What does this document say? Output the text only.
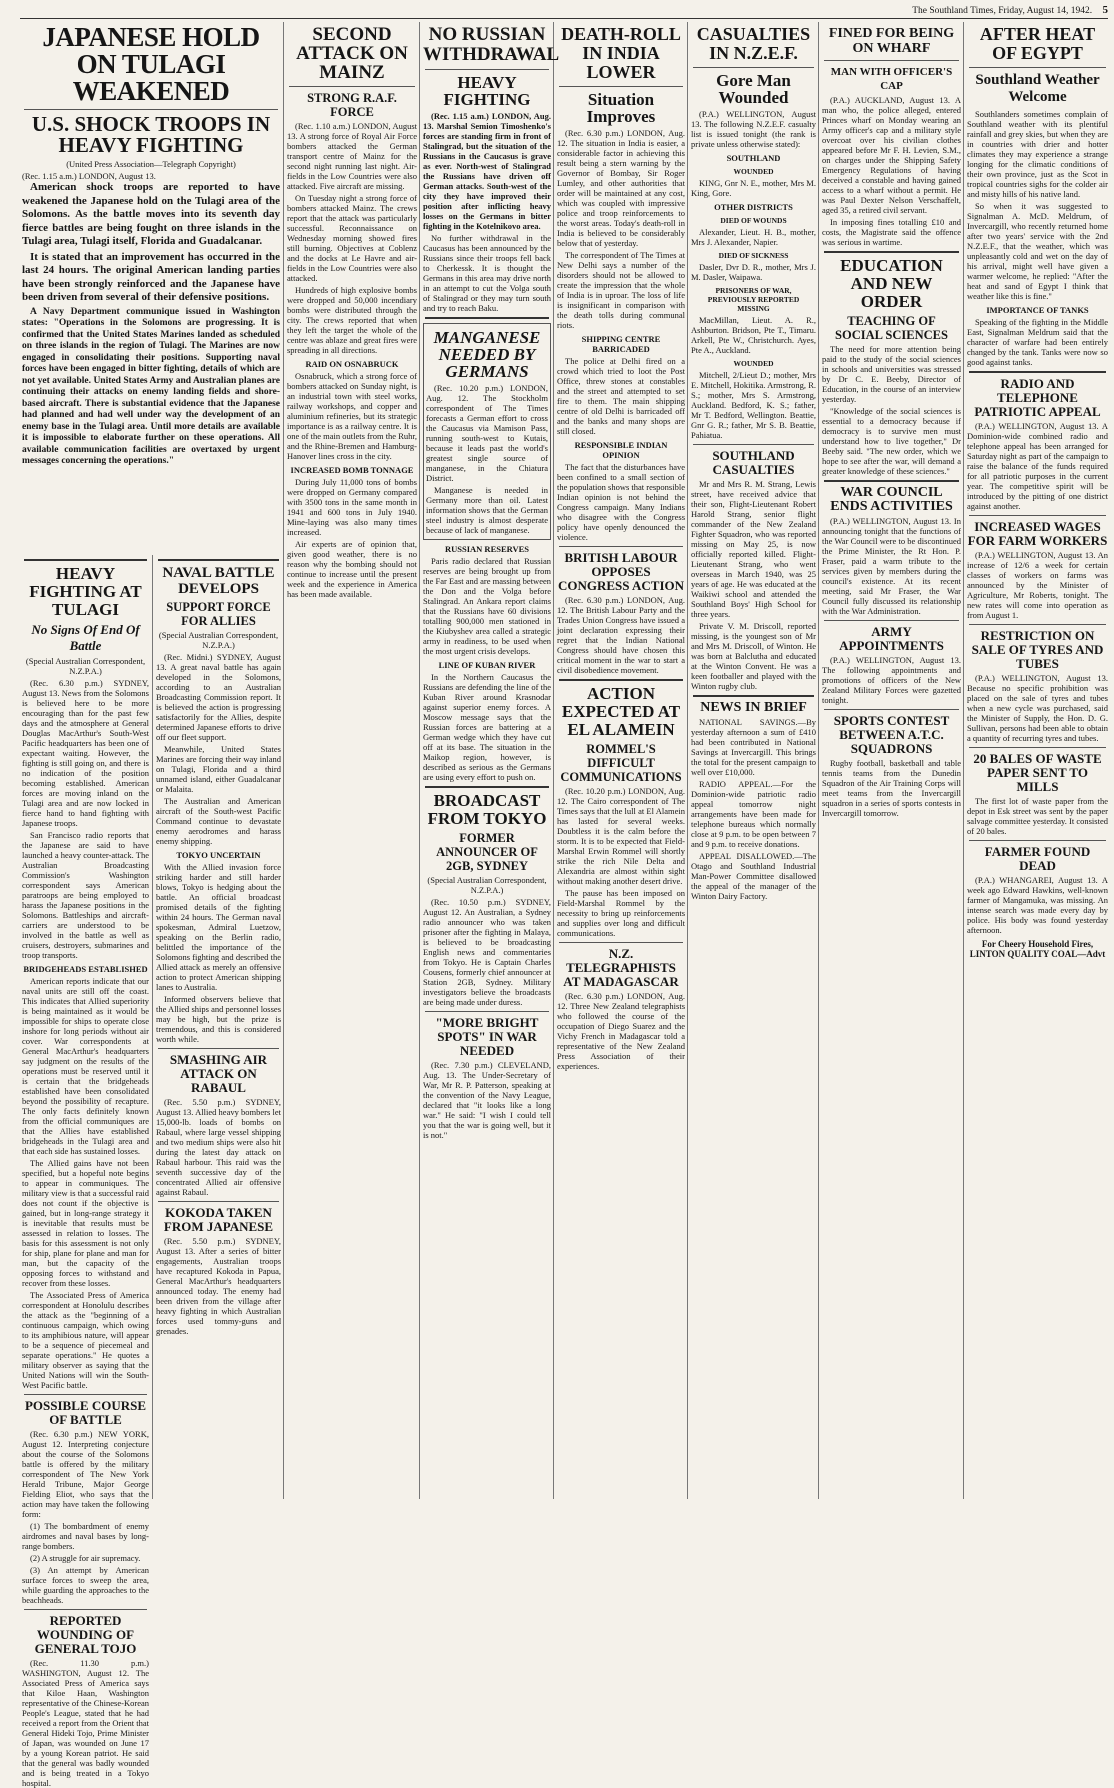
The Southland Times, Friday, August 14, 1942. 5
JAPANESE HOLD ON TULAGI WEAKENED
U.S. SHOCK TROOPS IN HEAVY FIGHTING
(United Press Association—Telegraph Copyright)
(Rec. 1.15 a.m.) LONDON, August 13.

American shock troops are reported to have weakened the Japanese hold on the Tulagi area of the Solomons. As the battle moves into its seventh day fierce battles are being fought on three islands in the Tulagi area, Tulagi itself, Florida and Guadalcanar.

It is stated that an improvement has occurred in the last 24 hours. The original American landing parties have been strongly reinforced and the Japanese have been driven from several of their defensive positions.

A Navy Department communique issued in Washington states: "Operations in the Solomons are progressing. It is confirmed that the United States Marines landed as scheduled on three islands in the region of Tulagi. The Marines are now engaged in consolidating their positions. Supporting naval forces have been engaged in bitter fighting, details of which are not yet available. United States Army and Australian planes are continuing their attacks on enemy landing fields and shore-based aircraft. There is substantial evidence that the Japanese had planned and had well under way the development of an enemy base in the Tulagi area. Until more details are available it is impossible to elaborate further on these operations. All available communication facilities are overtaxed by urgent messages concerning the operations."

HEAVY FIGHTING AT TULAGI
No Signs Of End Of Battle
(Special Australian Correspondent, N.Z.P.A.)

(Rec. 6.30 p.m.) SYDNEY, August 13. News from the Solomons is believed here to be more encouraging than for the past few days and the atmosphere at General Douglas MacArthur's South-West Pacific headquarters has been one of expectant waiting. However, the fighting is still going on, and there is no indication of the position becoming established. American forces are moving inland on the Tulagi area and are now locked in fierce hand to hand fighting with Japanese troops.

San Francisco radio reports that the Japanese are said to have launched a heavy counter-attack. The Australian Broadcasting Commission's Washington correspondent says American paratroops are being employed to harass the Japanese positions in the Solomons. Battleships and aircraft-carriers are understood to be involved in the battle as well as cruisers, destroyers, submarines and troop transports.

BRIDGEHEADS ESTABLISHED

American reports indicate that our naval units are still off the coast. This indicates that Allied superiority is being maintained as it would be impossible for ships to operate close inshore for long periods without air cover. War correspondents at General MacArthur's headquarters say judgment on the results of the operations must be reserved until it is certain that the bridgeheads established have been consolidated beyond the possibility of recapture. The only facts definitely known from the official communiques are that the Allies have established bridgeheads in the Tulagi area and that each side has sustained losses.

The Allied gains have not been specified, but a hopeful note begins to appear in communiques. The military view is that a successful raid does not count if the objective is gained, but in long-range strategy it is inevitable that results must be assessed in relation to losses. The basis for this assessment is not only for ship, plane for plane and man for man, but the capacity of the opposing forces to withstand and recover from these losses.

The Associated Press of America correspondent at Honolulu describes the attack as the "beginning of a continuous campaign, which owing to its amphibious nature, will appear to be a sequence of piecemeal and separate operations." He quotes a military observer as saying that the United Nations will win the South-West Pacific battle.

POSSIBLE COURSE OF BATTLE

(Rec. 6.30 p.m.) NEW YORK, August 12. Interpreting conjecture about the course of the Solomons battle is offered by the military correspondent of The New York Herald Tribune, Major George Fielding Eliot, who says that the action may have taken the following form:

(1) The bombardment of enemy airdromes and naval bases by long-range bombers.

(2) A struggle for air supremacy.

(3) An attempt by American surface forces to sweep the area, while guarding the approaches to the beachheads.

REPORTED WOUNDING OF GENERAL TOJO

(Rec. 11.30 p.m.) WASHINGTON, August 12. The Associated Press of America says that Kiloe Haan, Washington representative of the Chinese-Korean People's League, stated that he had received a report from the Orient that General Hideki Tojo, Prime Minister of Japan, was wounded on June 17 by a young Korean patriot. He said that the general was badly wounded and is being treated in a Tokyo hospital.

NAVAL BATTLE DEVELOPS
SUPPORT FORCE FOR ALLIES
(Special Australian Correspondent, N.Z.P.A.)

(Rec. Midni.) SYDNEY, August 13. A great naval battle has again developed in the Solomons, according to an Australian Broadcasting Commission report. It is believed the action is progressing satisfactorily for the Allies, despite determined Japanese efforts to drive off our fleet support.

Meanwhile, United States Marines are forcing their way inland on Tulagi, Florida and a third unnamed island, either Guadalcanar or Malaita.

The Australian and American aircraft of the South-west Pacific Command continue to devastate enemy aerodromes and harass enemy shipping.

TOKYO UNCERTAIN

With the Allied invasion force striking harder and still harder blows, Tokyo is hedging about the battle. An official broadcast promised details of the fighting within 24 hours. The German naval spokesman, Admiral Luetzow, speaking on the Berlin radio, belittled the importance of the Solomons fighting and described the Allied attack as merely an offensive action to protect American shipping lanes to Australia.

Informed observers believe that the Allied ships and personnel losses may be high, but the prize is tremendous, and this is considered worth while.

SMASHING AIR ATTACK ON RABAUL

(Rec. 5.50 p.m.) SYDNEY, August 13. Allied heavy bombers let 15,000-lb. loads of bombs on Rabaul, where large vessel shipping and two medium ships were also hit during the latest day attack on Rabaul harbour. This raid was the seventh successive day of the concentrated Allied air offensive against Rabaul.

KOKODA TAKEN FROM JAPANESE

(Rec. 5.50 p.m.) SYDNEY, August 13. After a series of bitter engagements, Australian troops have recaptured Kokoda in Papua, General MacArthur's headquarters announced today. The enemy had been driven from the village after heavy fighting in which Australian forces used tommy-guns and grenades.

SECOND ATTACK ON MAINZ
STRONG R.A.F. FORCE

(Rec. 1.10 a.m.) LONDON, August 13. A strong force of Royal Air Force bombers attacked the German transport centre of Mainz for the second night running last night. Air-fields in the Low Countries were also attacked. Five aircraft are missing.

On Tuesday night a strong force of bombers attacked Mainz. The crews report that the attack was particularly successful. Reconnaissance on Wednesday morning showed fires still burning. Objectives at Coblenz and the docks at Le Havre and air-fields in the Low Countries were also attacked.

Hundreds of high explosive bombs were dropped and 50,000 incendiary bombs were distributed through the city. The crews reported that when they left the target the whole of the centre was ablaze and great fires were spreading in all directions.

RAID ON OSNABRUCK

Osnabruck, which a strong force of bombers attacked on Sunday night, is an industrial town with steel works, railway workshops, and copper and aluminium refineries, but its strategic importance is as a railway centre. It is one of the main outlets from the Ruhr, and the Rhine-Bremen and Hamburg-Hanover lines cross in the city.

INCREASED BOMB TONNAGE

During July 11,000 tons of bombs were dropped on Germany compared with 3500 tons in the same month in 1941 and 600 tons in July 1940. Mine-laying was also many times increased.

Air experts are of opinion that, given good weather, there is no reason why the bombing should not continue to increase until the present week and the experience in America has been made available.

NO RUSSIAN WITHDRAWAL
HEAVY FIGHTING

(Rec. 1.15 a.m.) LONDON, Aug. 13. Marshal Semion Timoshenko's forces are standing firm in front of Stalingrad, but the situation of the Russians in the Caucasus is grave as ever. North-west of Stalingrad the Russians have driven off German attacks. South-west of the city they have improved their position after inflicting heavy losses on the Germans in bitter fighting in the Kotelnikovo area.

No further withdrawal in the Caucasus has been announced by the Russians since their troops fell back to Cherkessk. It is thought the Germans in this area may drive north in an attempt to cut the Volga south of Stalingrad or they may turn south and try to reach Baku.

MANGANESE NEEDED BY GERMANS

(Rec. 10.20 p.m.) LONDON, Aug. 12. The Stockholm correspondent of The Times forecasts a German effort to cross the Caucasus via Mamison Pass, running south-west to Kutais, because it leads past the world's greatest single source of manganese, in the Chiatura District.

Manganese is needed in Germany more than oil. Latest information shows that the German steel industry is almost desperate because of lack of manganese.

RUSSIAN RESERVES

Paris radio declared that Russian reserves are being brought up from the Far East and are massing between the Don and the Volga before Stalingrad. An Ankara report claims that the Russians have 60 divisions totalling 900,000 men stationed in the Kiubyshev area called a strategic army in readiness, to be used when the most urgent crisis develops.

LINE OF KUBAN RIVER

In the Northern Caucasus the Russians are defending the line of the Kuban River around Krasnodar against superior enemy forces. A Moscow message says that the Russian forces are battering at a German wedge which they have cut off at its base. The situation in the Maikop region, however, is described as serious as the Germans are using every effort to push on.

BROADCAST FROM TOKYO
FORMER ANNOUNCER OF 2GB, SYDNEY
(Special Australian Correspondent, N.Z.P.A.)

(Rec. 10.50 p.m.) SYDNEY, August 12. An Australian, a Sydney radio announcer who was taken prisoner after the fighting in Malaya, is believed to be broadcasting English news and commentaries from Tokyo. He is Captain Charles Cousens, formerly chief announcer at Station 2GB, Sydney. Military investigators believe the broadcasts are being made under duress.

"MORE BRIGHT SPOTS" IN WAR NEEDED

(Rec. 7.30 p.m.) CLEVELAND, Aug. 13. The Under-Secretary of War, Mr R. P. Patterson, speaking at the convention of the Navy League, declared that "it looks like a long war." He said: "I wish I could tell you that the war is going well, but it is not."

DEATH-ROLL IN INDIA LOWER
Situation Improves

(Rec. 6.30 p.m.) LONDON, Aug. 12. The situation in India is easier, a considerable factor in achieving this result being a stern warning by the Governor of Bombay, Sir Roger Lumley, and other authorities that order will be maintained at any cost, which was coupled with impressive police and troop reinforcements to the worst areas. Today's death-roll in India is believed to be considerably below that of yesterday.

The correspondent of The Times at New Delhi says a number of the disorders should not be allowed to create the impression that the whole of India is in uproar. The loss of life is insignificant in comparison with the death tolls during communal riots.

SHIPPING CENTRE BARRICADED

The police at Delhi fired on a crowd which tried to loot the Post Office, threw stones at constables and the street and attempted to set fire to them. The main shipping centre of old Delhi is barricaded off and the banks and many shops are still closed.

RESPONSIBLE INDIAN OPINION

The fact that the disturbances have been confined to a small section of the population shows that responsible Indian opinion is not behind the Congress campaign. Many Indians who disagree with the Congress policy have openly denounced the violence.

BRITISH LABOUR OPPOSES CONGRESS ACTION

(Rec. 6.30 p.m.) LONDON, Aug. 12. The British Labour Party and the Trades Union Congress have issued a joint declaration expressing their regret that the Indian National Congress should have chosen this critical moment in the war to start a civil disobedience movement.

ACTION EXPECTED AT EL ALAMEIN
ROMMEL'S DIFFICULT COMMUNICATIONS

(Rec. 10.20 p.m.) LONDON, Aug. 12. The Cairo correspondent of The Times says that the lull at El Alamein has lasted for several weeks. Doubtless it is the calm before the storm. It is to be expected that Field-Marshal Erwin Rommel will shortly strike the rich Nile Delta and Alexandria are almost within sight without making another desert drive.

The pause has been imposed on Field-Marshal Rommel by the necessity to bring up reinforcements and supplies over long and difficult communications.

N.Z. TELEGRAPHISTS AT MADAGASCAR

(Rec. 6.30 p.m.) LONDON, Aug. 12. Three New Zealand telegraphists who followed the course of the occupation of Diego Suarez and the Vichy French in Madagascar told a representative of the New Zealand Press Association of their experiences.

CASUALTIES IN N.Z.E.F.
Gore Man Wounded

(P.A.) WELLINGTON, August 13. The following N.Z.E.F. casualty list is issued tonight (the rank is private unless otherwise stated):

SOUTHLAND
WOUNDED

KING, Gnr N. E., mother, Mrs M. King, Gore.

OTHER DISTRICTS
DIED OF WOUNDS

Alexander, Lieut. H. B., mother, Mrs J. Alexander, Napier.

DIED OF SICKNESS

Dasler, Dvr D. R., mother, Mrs J. M. Dasler, Waipawa.

PRISONERS OF WAR, PREVIOUSLY REPORTED MISSING

MacMillan, Lieut. A. R., Ashburton. Bridson, Pte T., Timaru. Arkell, Pte W., Christchurch. Ayes, Pte A., Auckland.

WOUNDED

Mitchell, 2/Lieut D.; mother, Mrs E. Mitchell, Hokitika. Armstrong, R. S.; mother, Mrs S. Armstrong, Auckland. Bedford, K. S.; father, Mr T. Bedford, Wellington. Beattie, Gnr G. R.; father, Mr S. B. Beattie, Pahiatua.

SOUTHLAND CASUALTIES

Mr and Mrs R. M. Strang, Lewis street, have received advice that their son, Flight-Lieutenant Robert Harold Strang, senior flight commander of the New Zealand Fighter Squadron, who was reported missing on May 25, is now officially reported killed. Flight-Lieutenant Strang, who went overseas in March 1940, was 25 years of age. He was educated at the Waikiwi school and attended the Southland Boys' High School for three years.

Private V. M. Driscoll, reported missing, is the youngest son of Mr and Mrs M. Driscoll, of Winton. He was born at Balclutha and educated at the Winton Convent. He was a keen footballer and played with the Winton rugby club.

NEWS IN BRIEF

NATIONAL SAVINGS.—By yesterday afternoon a sum of £410 had been contributed in National Savings at Invercargill. This brings the total for the present campaign to well over £10,000.

RADIO APPEAL.—For the Dominion-wide patriotic radio appeal tomorrow night arrangements have been made for telephone bureaus which normally close at 9 p.m. to be open between 7 and 9 p.m. to receive donations.

APPEAL DISALLOWED.—The Otago and Southland Industrial Man-Power Committee disallowed the appeal of the manager of the Winton Dairy Factory.

FINED FOR BEING ON WHARF
MAN WITH OFFICER'S CAP

(P.A.) AUCKLAND, August 13. A man who, the police alleged, entered Princes wharf on Monday wearing an Army officer's cap and a military style overcoat over his civilian clothes appeared before Mr F. H. Levien, S.M., on charges under the Shipping Safety Emergency Regulations of having deceived a constable and having gained access to a wharf without a permit. He was Paul Dexter Nelson Verschaffelt, aged 35, a retired civil servant.

In imposing fines totalling £10 and costs, the Magistrate said the offence was serious in wartime.

EDUCATION AND NEW ORDER
TEACHING OF SOCIAL SCIENCES

The need for more attention being paid to the study of the social sciences in schools and universities was stressed by Dr C. E. Beeby, Director of Education, in the course of an interview yesterday.

"Knowledge of the social sciences is essential to a democracy because if democracy is to survive men must understand how to live together," Dr Beeby said. "The new order, which we hope to see after the war, will demand a greater knowledge of these sciences."

WAR COUNCIL ENDS ACTIVITIES

(P.A.) WELLINGTON, August 13. In announcing tonight that the functions of the War Council were to be discontinued the Prime Minister, the Rt Hon. P. Fraser, paid a warm tribute to the services given by members during the council's existence. At its recent meeting, said Mr Fraser, the War Council fully discussed its relationship with the War Administration.

ARMY APPOINTMENTS

(P.A.) WELLINGTON, August 13. The following appointments and promotions of officers of the New Zealand Military Forces were gazetted tonight.

SPORTS CONTEST BETWEEN A.T.C. SQUADRONS

Rugby football, basketball and table tennis teams from the Dunedin Squadron of the Air Training Corps will meet teams from the Invercargill squadron in a series of sports contests in Invercargill tomorrow.

AFTER HEAT OF EGYPT
Southland Weather Welcome

Southlanders sometimes complain of Southland weather with its plentiful rainfall and grey skies, but when they are in countries with drier and hotter climates they may experience a strange longing for the climatic conditions of their own province, just as the Scot in tropical countries sighs for the colder air and misty hills of his native land.

So when it was suggested to Signalman A. McD. Meldrum, of Invercargill, who recently returned home after two years' service with the 2nd N.Z.E.F., that the weather, which was unpleasantly cold and wet on the day of his arrival, might well have given a warmer welcome, he replied: "After the heat and sand of Egypt I think that weather like this is fine."

IMPORTANCE OF TANKS

Speaking of the fighting in the Middle East, Signalman Meldrum said that the character of warfare had been entirely changed by the tank. Tanks were now so good against tanks.

RADIO AND TELEPHONE PATRIOTIC APPEAL

(P.A.) WELLINGTON, August 13. A Dominion-wide combined radio and telephone appeal has been arranged for Saturday night as part of the campaign to raise the balance of the funds required for all patriotic purposes in the current year. The competitive spirit will be introduced by the pitting of one district against another.

INCREASED WAGES FOR FARM WORKERS

(P.A.) WELLINGTON, August 13. An increase of 12/6 a week for certain classes of workers on farms was announced by the Minister of Agriculture, Mr Roberts, tonight. The new rates will come into operation as from August 1.

RESTRICTION ON SALE OF TYRES AND TUBES

(P.A.) WELLINGTON, August 13. Because no specific prohibition was placed on the sale of tyres and tubes when a new cycle was purchased, said the Minister of Supply, the Hon. D. G. Sullivan, persons had been able to obtain a quantity of recurring tyres and tubes.

20 BALES OF WASTE PAPER SENT TO MILLS

The first lot of waste paper from the depot in Esk street was sent by the paper salvage committee yesterday. It consisted of 20 bales.

FARMER FOUND DEAD

(P.A.) WHANGAREI, August 13. A week ago Edward Hawkins, well-known farmer of Mangamuka, was missing. An intense search was made every day by police. His body was found yesterday afternoon.

For Cheery Household Fires, LINTON QUALITY COAL—Advt
